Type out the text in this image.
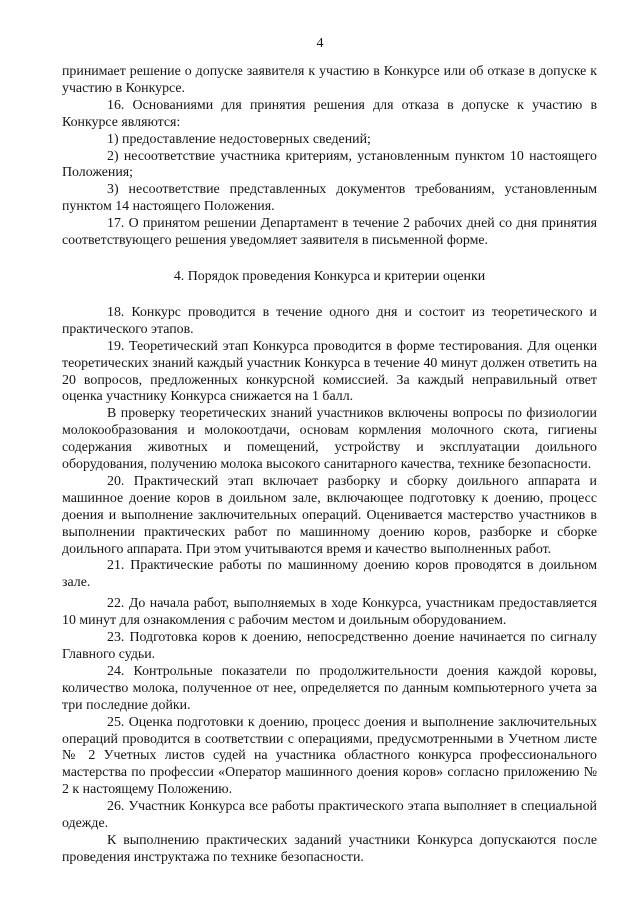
4

принимает решение о допуске заявителя к участию в Конкурсе или об отказе в допуске к участию в Конкурсе.

16. Основаниями для принятия решения для отказа в допуске к участию в Конкурсе являются:

1) предоставление недостоверных сведений;

2) несоответствие участника критериям, установленным пунктом 10 настоящего Положения;

3) несоответствие представленных документов требованиям, установленным пунктом 14 настоящего Положения.

17. О принятом решении Департамент в течение 2 рабочих дней со дня принятия соответствующего решения уведомляет заявителя в письменной форме.

4. Порядок проведения Конкурса и критерии оценки

18. Конкурс проводится в течение одного дня и состоит из теоретического и практического этапов.

19. Теоретический этап Конкурса проводится в форме тестирования. Для оценки теоретических знаний каждый участник Конкурса в течение 40 минут должен ответить на 20 вопросов, предложенных конкурсной комиссией. За каждый неправильный ответ оценка участнику Конкурса снижается на 1 балл.

В проверку теоретических знаний участников включены вопросы по физиологии молокообразования и молокоотдачи, основам кормления молочного скота, гигиены содержания животных и помещений, устройству и эксплуатации доильного оборудования, получению молока высокого санитарного качества, технике безопасности.

20. Практический этап включает разборку и сборку доильного аппарата и машинное доение коров в доильном зале, включающее подготовку к доению, процесс доения и выполнение заключительных операций. Оценивается мастерство участников в выполнении практических работ по машинному доению коров, разборке и сборке доильного аппарата. При этом учитываются время и качество выполненных работ.

21. Практические работы по машинному доению коров проводятся в доильном зале.

22. До начала работ, выполняемых в ходе Конкурса, участникам предоставляется 10 минут для ознакомления с рабочим местом и доильным оборудованием.

23. Подготовка коров к доению, непосредственно доение начинается по сигналу Главного судьи.

24. Контрольные показатели по продолжительности доения каждой коровы, количество молока, полученное от нее, определяется по данным компьютерного учета за три последние дойки.

25. Оценка подготовки к доению, процесс доения и выполнение заключительных операций проводится в соответствии с операциями, предусмотренными в Учетном листе № 2 Учетных листов судей на участника областного конкурса профессионального мастерства по профессии «Оператор машинного доения коров» согласно приложению № 2 к настоящему Положению.

26. Участник Конкурса все работы практического этапа выполняет в специальной одежде.

К выполнению практических заданий участники Конкурса допускаются после проведения инструктажа по технике безопасности.
